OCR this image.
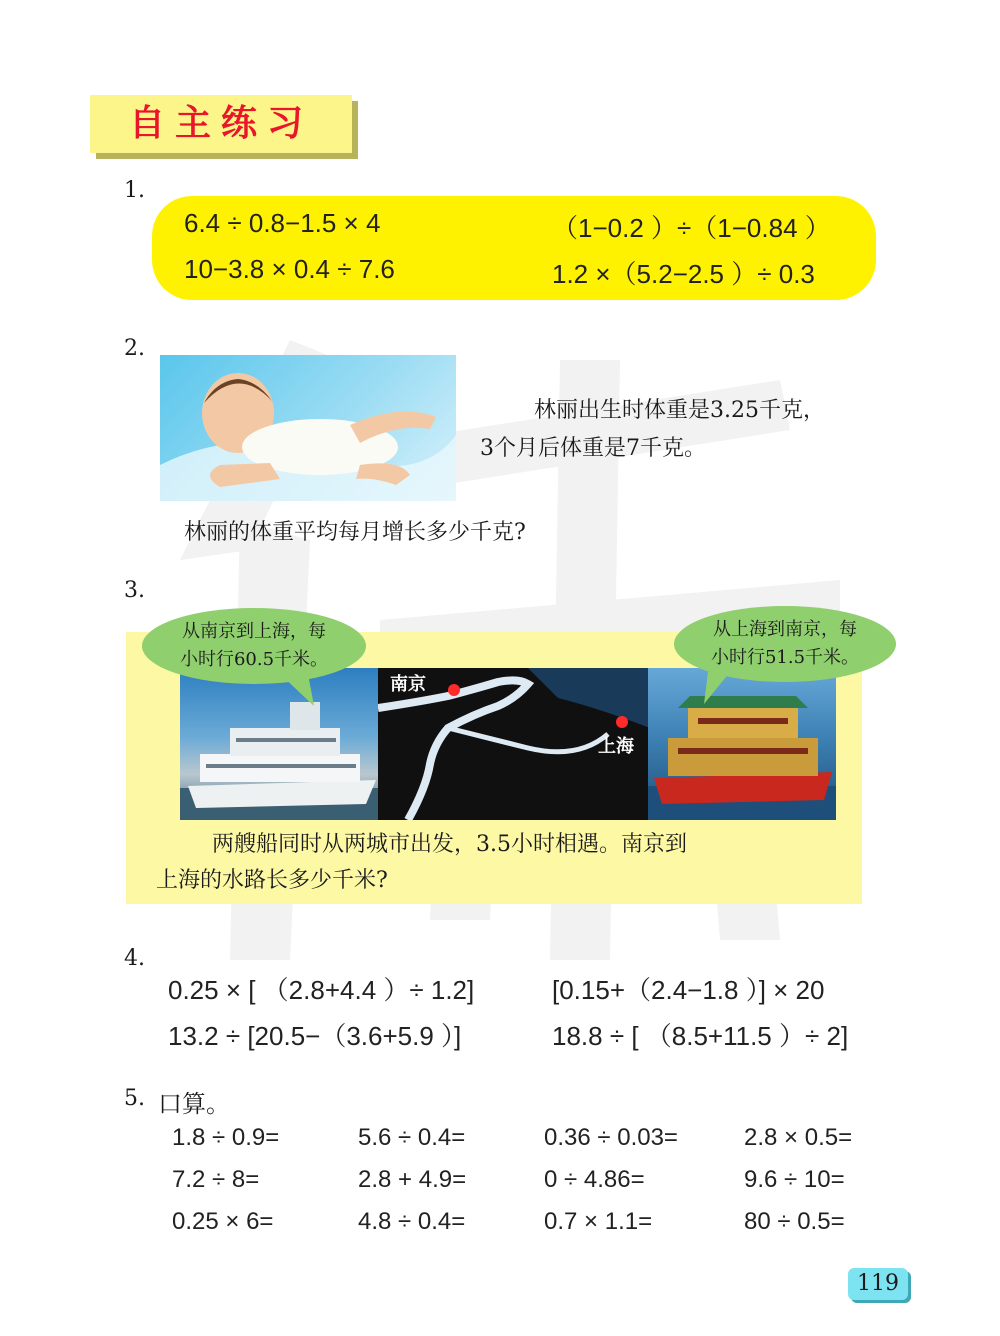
自主练习
1.
6.4 ÷ 0.8−1.5 × 4	（1−0.2 ）÷（1−0.84 ）
10−3.8 × 0.4 ÷ 7.6	1.2 ×（5.2−2.5 ）÷ 0.3
2.
林丽出生时体重是3.25千克，
3个月后体重是7千克。
林丽的体重平均每月增长多少千克?
3.
南京
上海
从南京到上海，每
小时行60.5千米。
从上海到南京，每
小时行51.5千米。
两艘船同时从两城市出发，3.5小时相遇。南京到
上海的水路长多少千米?
4.
0.25 × [ （2.8+4.4 ）÷ 1.2]	[0.15+（2.4−1.8 ）] × 20
13.2 ÷ [20.5−（3.6+5.9 ）]	18.8 ÷ [ （8.5+11.5 ）÷ 2]
5. 口算。
1.8 ÷ 0.9=	5.6 ÷ 0.4=	0.36 ÷ 0.03=	2.8 × 0.5=
7.2 ÷ 8=	2.8 + 4.9=	0 ÷ 4.86=	9.6 ÷ 10=
0.25 × 6=	4.8 ÷ 0.4=	0.7 × 1.1=	80 ÷ 0.5=
119
